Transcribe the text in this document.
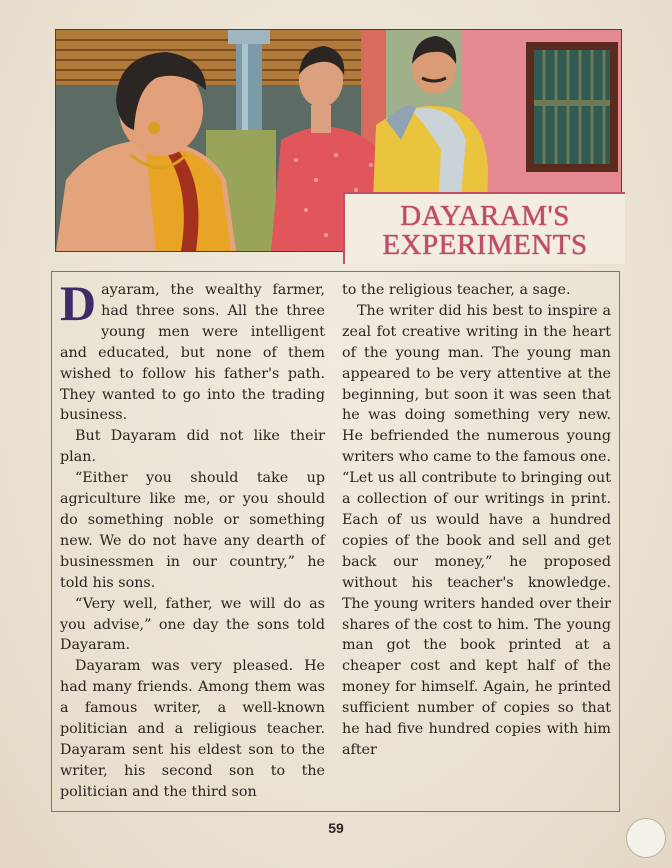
DAYARAM'S
EXPERIMENTS

Dayaram, the wealthy farmer, had three sons. All the three young men were intelligent and educated, but none of them wished to follow his father's path. They wanted to go into the trading business.

But Dayaram did not like their plan.

“Either you should take up agriculture like me, or you should do something noble or something new. We do not have any dearth of businessmen in our country,” he told his sons.

“Very well, father, we will do as you advise,” one day the sons told Dayaram.

Dayaram was very pleased. He had many friends. Among them was a famous writer, a well-known politician and a religious teacher. Dayaram sent his eldest son to the writer, his second son to the politician and the third son

to the religious teacher, a sage.

The writer did his best to inspire a zeal fot creative writing in the heart of the young man. The young man appeared to be very attentive at the beginning, but soon it was seen that he was doing something very new. He befriended the numerous young writers who came to the famous one. “Let us all contribute to bringing out a collection of our writings in print. Each of us would have a hundred copies of the book and sell and get back our money,” he proposed without his teacher's knowledge. The young writers handed over their shares of the cost to him. The young man got the book printed at a cheaper cost and kept half of the money for himself. Again, he printed sufficient number of copies so that he had five hundred copies with him after

59
